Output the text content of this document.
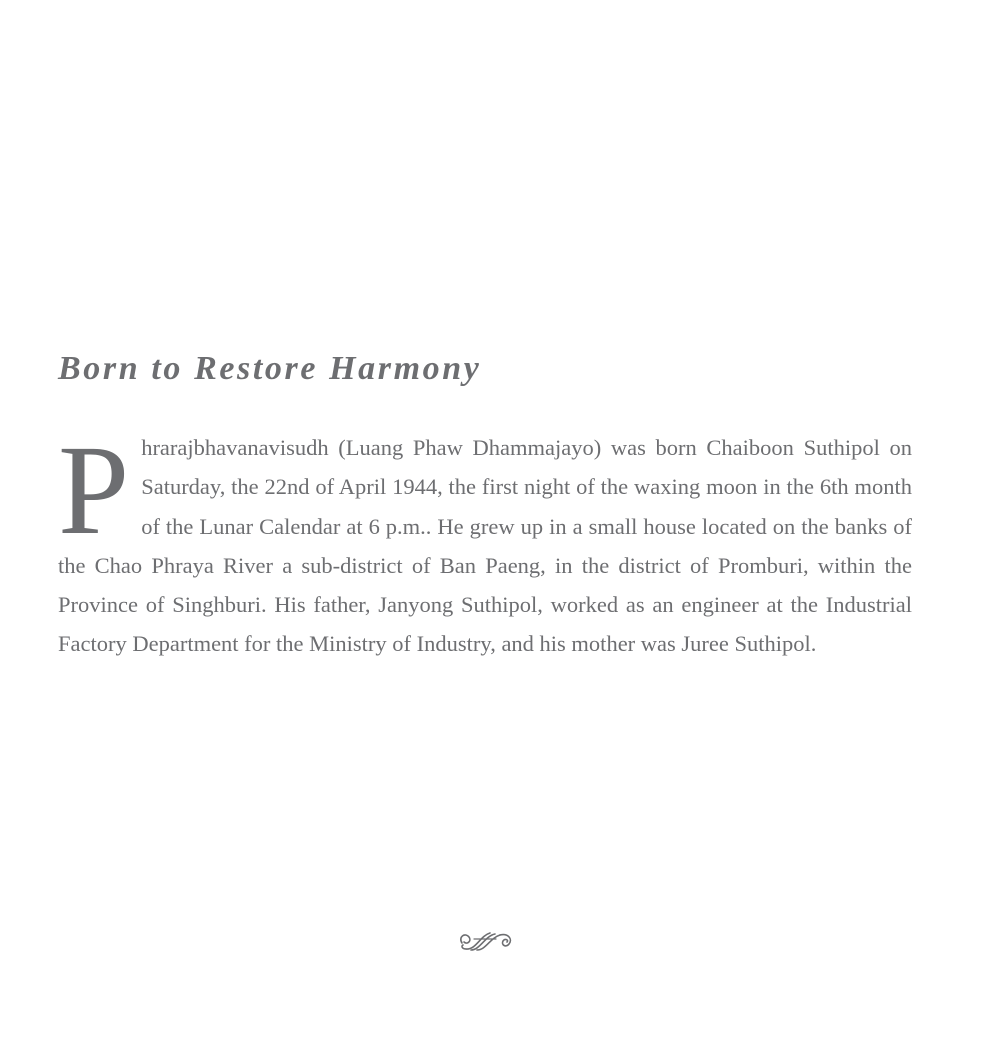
Born to Restore Harmony

Phrarajbhavanavisudh (Luang Phaw Dhammajayo) was born Chaiboon Suthipol on Saturday, the 22nd of April 1944, the first night of the waxing moon in the 6th month of the Lunar Calendar at 6 p.m.. He grew up in a small house located on the banks of the Chao Phraya River a sub-district of Ban Paeng, in the district of Promburi, within the Province of Singhburi. His father, Janyong Suthipol, worked as an engineer at the Industrial Factory Department for the Ministry of Industry, and his mother was Juree Suthipol.
